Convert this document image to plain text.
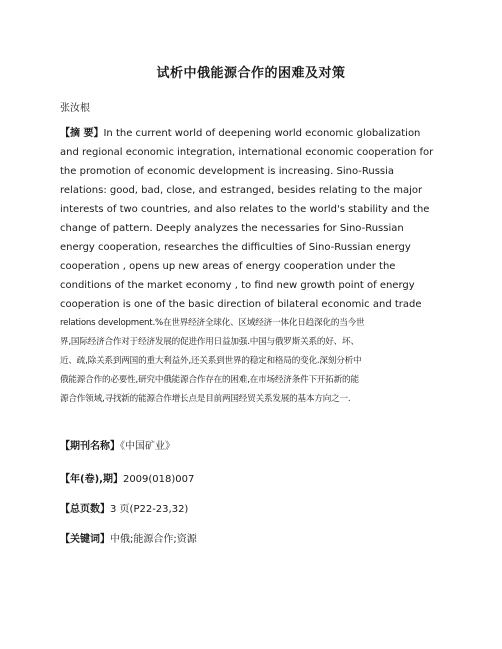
试析中俄能源合作的困难及对策
张汝根
【摘 要】In the current world of deepening world economic globalization
and regional economic integration, international economic cooperation for
the promotion of economic development is increasing. Sino-Russia
relations: good, bad, close, and estranged, besides relating to the major
interests of two countries, and also relates to the world's stability and the
change of pattern. Deeply analyzes the necessaries for Sino-Russian
energy cooperation, researches the difficulties of Sino-Russian energy
cooperation , opens up new areas of energy cooperation under the
conditions of the market economy , to find new growth point of energy
cooperation is one of the basic direction of bilateral economic and trade
relations development.%在世界经济全球化、区域经济一体化日趋深化的当今世
界,国际经济合作对于经济发展的促进作用日益加强.中国与俄罗斯关系的好、坏、
近、疏,除关系到两国的重大利益外,还关系到世界的稳定和格局的变化.深刻分析中
俄能源合作的必要性,研究中俄能源合作存在的困难,在市场经济条件下开拓新的能
源合作领域,寻找新的能源合作增长点是目前两国经贸关系发展的基本方向之一.
【期刊名称】《中国矿业》
【年(卷),期】2009(018)007
【总页数】3 页(P22-23,32)
【关键词】中俄;能源合作;资源
